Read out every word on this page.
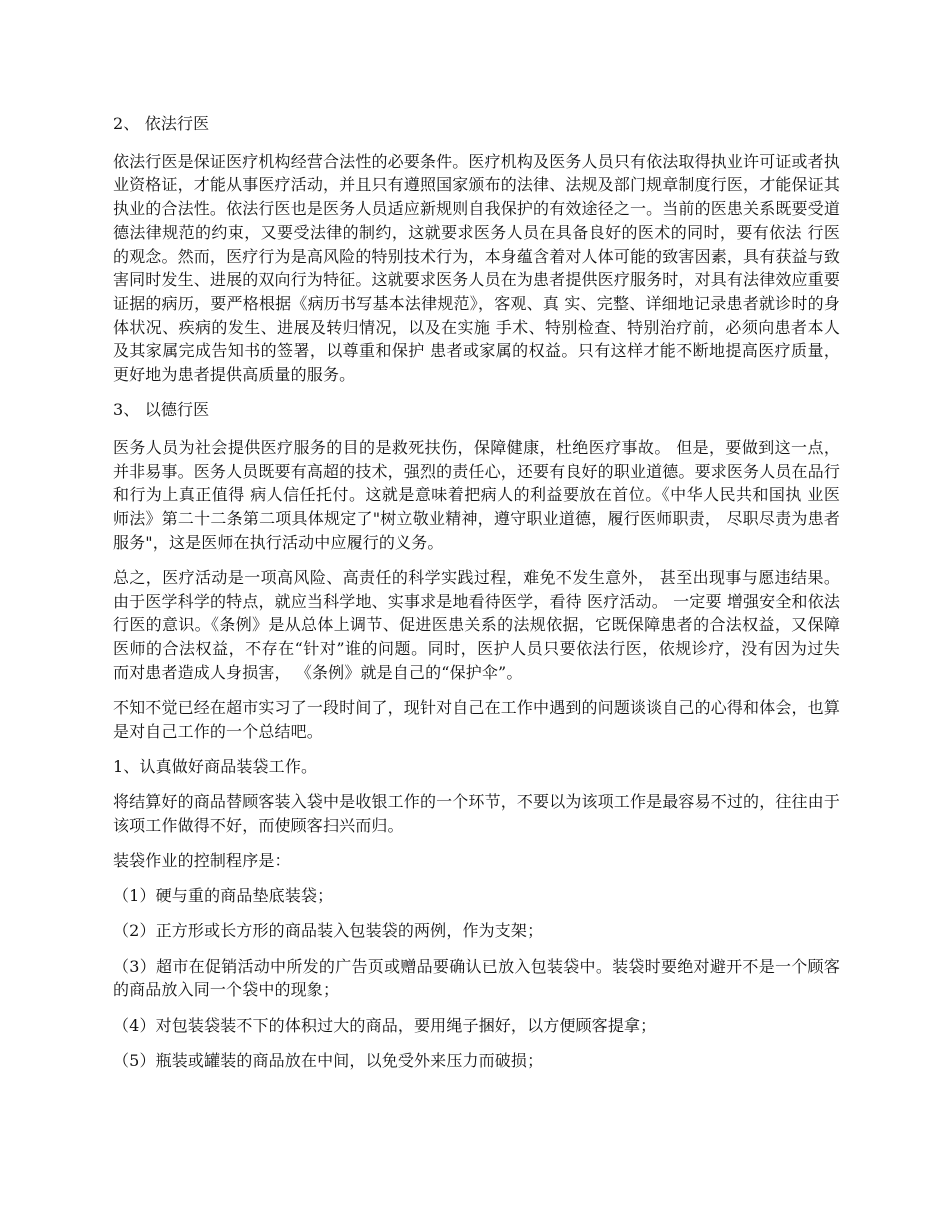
2、 依法行医

依法行医是保证医疗机构经营合法性的必要条件。医疗机构及医务人员只有依法取得执业许可证或者执业资格证，才能从事医疗活动，并且只有遵照国家颁布的法律、法规及部门规章制度行医，才能保证其执业的合法性。依法行医也是医务人员适应新规则自我保护的有效途径之一。当前的医患关系既要受道德法律规范的约束，又要受法律的制约，这就要求医务人员在具备良好的医术的同时，要有依法 行医的观念。然而，医疗行为是高风险的特别技术行为，本身蕴含着对人体可能的致害因素，具有获益与致害同时发生、进展的双向行为特征。这就要求医务人员在为患者提供医疗服务时，对具有法律效应重要证据的病历，要严格根据《病历书写基本法律规范》，客观、真 实、完整、详细地记录患者就诊时的身体状况、疾病的发生、进展及转归情况，以及在实施 手术、特别检查、特别治疗前，必须向患者本人及其家属完成告知书的签署，以尊重和保护 患者或家属的权益。只有这样才能不断地提高医疗质量，更好地为患者提供高质量的服务。

3、 以德行医

医务人员为社会提供医疗服务的目的是救死扶伤，保障健康，杜绝医疗事故。 但是，要做到这一点， 并非易事。医务人员既要有高超的技术，强烈的责任心，还要有良好的职业道德。要求医务人员在品行和行为上真正值得 病人信任托付。这就是意味着把病人的利益要放在首位。《中华人民共和国执 业医师法》第二十二条第二项具体规定了"树立敬业精神，遵守职业道德，履行医师职责， 尽职尽责为患者服务"，这是医师在执行活动中应履行的义务。

总之，医疗活动是一项高风险、高责任的科学实践过程，难免不发生意外， 甚至出现事与愿违结果。由于医学科学的特点，就应当科学地、实事求是地看待医学，看待 医疗活动。 一定要 增强安全和依法行医的意识。《条例》是从总体上调节、促进医患关系的法规依据，它既保障患者的合法权益，又保障医师的合法权益，不存在“针对”谁的问题。同时，医护人员只要依法行医，依规诊疗，没有因为过失而对患者造成人身损害， 《条例》就是自己的“保护伞”。

不知不觉已经在超市实习了一段时间了，现针对自己在工作中遇到的问题谈谈自己的心得和体会，也算是对自己工作的一个总结吧。

1、认真做好商品装袋工作。

将结算好的商品替顾客装入袋中是收银工作的一个环节，不要以为该项工作是最容易不过的，往往由于该项工作做得不好，而使顾客扫兴而归。

装袋作业的控制程序是：

（1）硬与重的商品垫底装袋；

（2）正方形或长方形的商品装入包装袋的两例，作为支架；

（3）超市在促销活动中所发的广告页或赠品要确认已放入包装袋中。装袋时要绝对避开不是一个顾客的商品放入同一个袋中的现象；

（4）对包装袋装不下的体积过大的商品，要用绳子捆好，以方便顾客提拿；

（5）瓶装或罐装的商品放在中间，以免受外来压力而破损；
